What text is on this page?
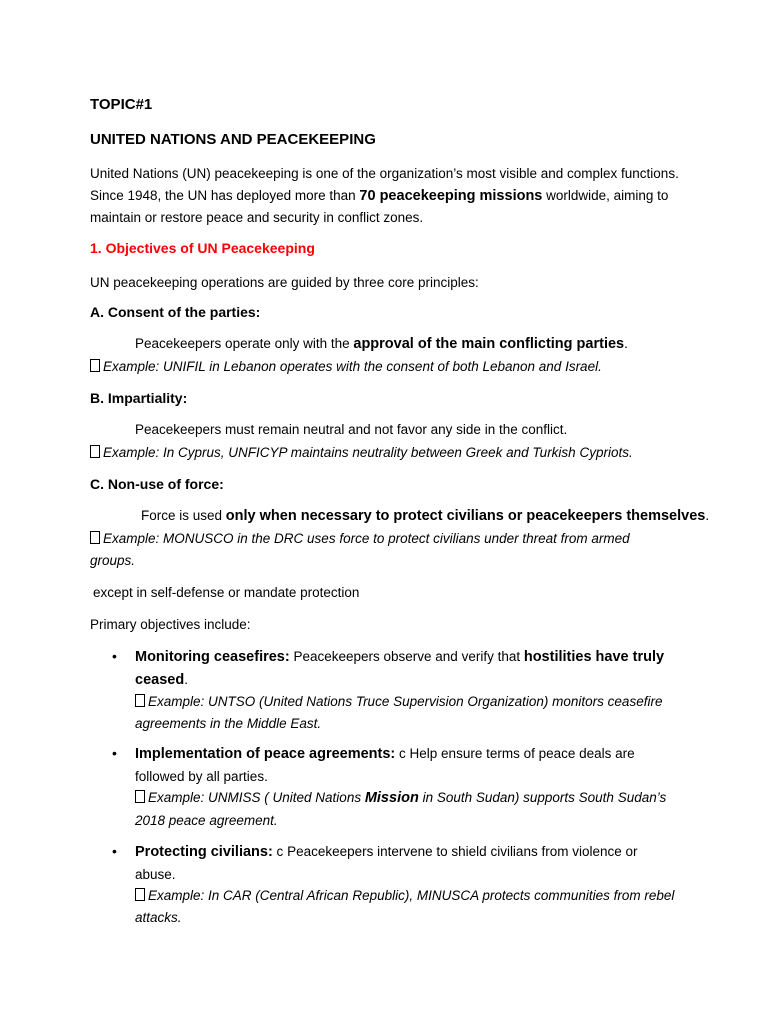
TOPIC#1
UNITED NATIONS AND PEACEKEEPING
United Nations (UN) peacekeeping is one of the organization’s most visible and complex functions. Since 1948, the UN has deployed more than 70 peacekeeping missions worldwide, aiming to maintain or restore peace and security in conflict zones.
1. Objectives of UN Peacekeeping
UN peacekeeping operations are guided by three core principles:
A. Consent of the parties:
Peacekeepers operate only with the approval of the main conflicting parties.
Example: UNIFIL in Lebanon operates with the consent of both Lebanon and Israel.
B. Impartiality:
Peacekeepers must remain neutral and not favor any side in the conflict.
Example: In Cyprus, UNFICYP maintains neutrality between Greek and Turkish Cypriots.
C. Non-use of force:
Force is used only when necessary to protect civilians or peacekeepers themselves.
Example: MONUSCO in the DRC uses force to protect civilians under threat from armed groups.
except in self-defense or mandate protection
Primary objectives include:
• Monitoring ceasefires: Peacekeepers observe and verify that hostilities have truly ceased.
Example: UNTSO (United Nations Truce Supervision Organization) monitors ceasefire agreements in the Middle East.
• Implementation of peace agreements: c Help ensure terms of peace deals are followed by all parties.
Example: UNMISS ( United Nations Mission in South Sudan) supports South Sudan’s 2018 peace agreement.
• Protecting civilians: c Peacekeepers intervene to shield civilians from violence or abuse.
Example: In CAR (Central African Republic), MINUSCA protects communities from rebel attacks.
